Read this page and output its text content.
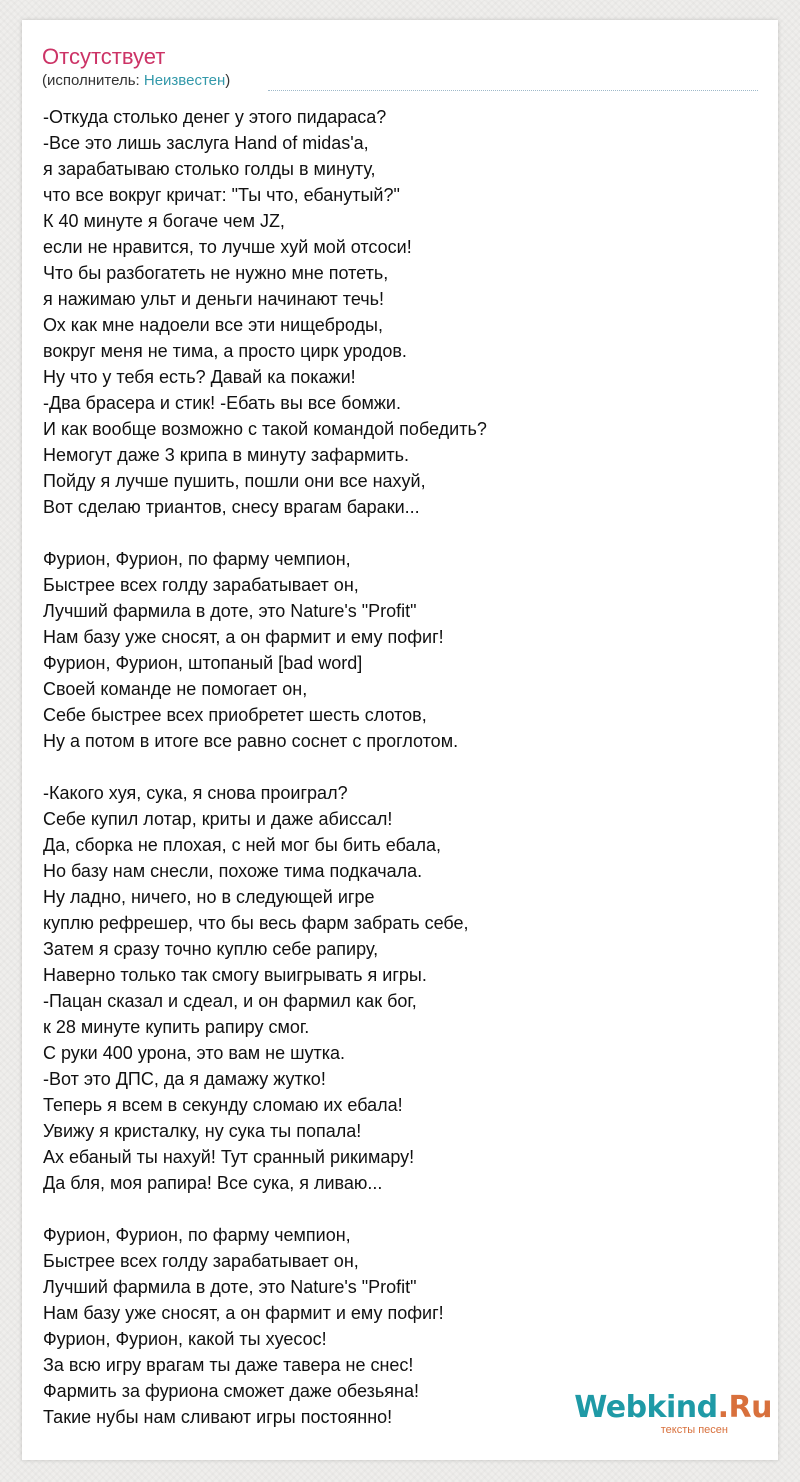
Отсутствует
(исполнитель: Неизвестен)
-Откуда столько денег у этого пидараса?
-Все это лишь заслуга Hand of midas'a,
я зарабатываю столько голды в минуту,
что все вокруг кричат: "Ты что, ебанутый?"
К 40 минуте я богаче чем JZ,
если не нравится, то лучше хуй мой отсоси!
Что бы разбогатеть не нужно мне потеть,
я нажимаю ульт и деньги начинают течь!
Ох как мне надоели все эти нищеброды,
вокруг меня не тима, а просто цирк уродов.
Ну что у тебя есть? Давай ка покажи!
-Два брасера и стик! -Ебать вы все бомжи.
И как вообще возможно с такой командой победить?
Немогут даже 3 крипа в минуту зафармить.
Пойду я лучше пушить, пошли они все нахуй,
Вот сделаю триантов, снесу врагам бараки...

Фурион, Фурион, по фарму чемпион,
Быстрее всех голду зарабатывает он,
Лучший фармила в доте, это Nature's "Profit"
Нам базу уже сносят, а он фармит и ему пофиг!
Фурион, Фурион, штопаный [bad word]
Своей команде не помогает он,
Себе быстрее всех приобретет шесть слотов,
Ну а потом в итоге все равно соснет с проглотом.

-Какого хуя, сука, я снова проиграл?
Себе купил лотар, криты и даже абиссал!
Да, сборка не плохая, с ней мог бы бить ебала,
Но базу нам снесли, похоже тима подкачала.
Ну ладно, ничего, но в следующей игре
куплю рефрешер, что бы весь фарм забрать себе,
Затем я сразу точно куплю себе рапиру,
Наверно только так смогу выигрывать я игры.
-Пацан сказал и сдеал, и он фармил как бог,
к 28 минуте купить рапиру смог.
С руки 400 урона, это вам не шутка.
-Вот это ДПС, да я дамажу жутко!
Теперь я всем в секунду сломаю их ебала!
Увижу я кристалку, ну сука ты попала!
Ах ебаный ты нахуй! Тут сранный рикимару!
Да бля, моя рапира! Все сука, я ливаю...

Фурион, Фурион, по фарму чемпион,
Быстрее всех голду зарабатывает он,
Лучший фармила в доте, это Nature's "Profit"
Нам базу уже сносят, а он фармит и ему пофиг!
Фурион, Фурион, какой ты хуесос!
За всю игру врагам ты даже тавера не снес!
Фармить за фуриона сможет даже обезьяна!
Такие нубы нам сливают игры постоянно!	Webkind.Ru
тексты песен
